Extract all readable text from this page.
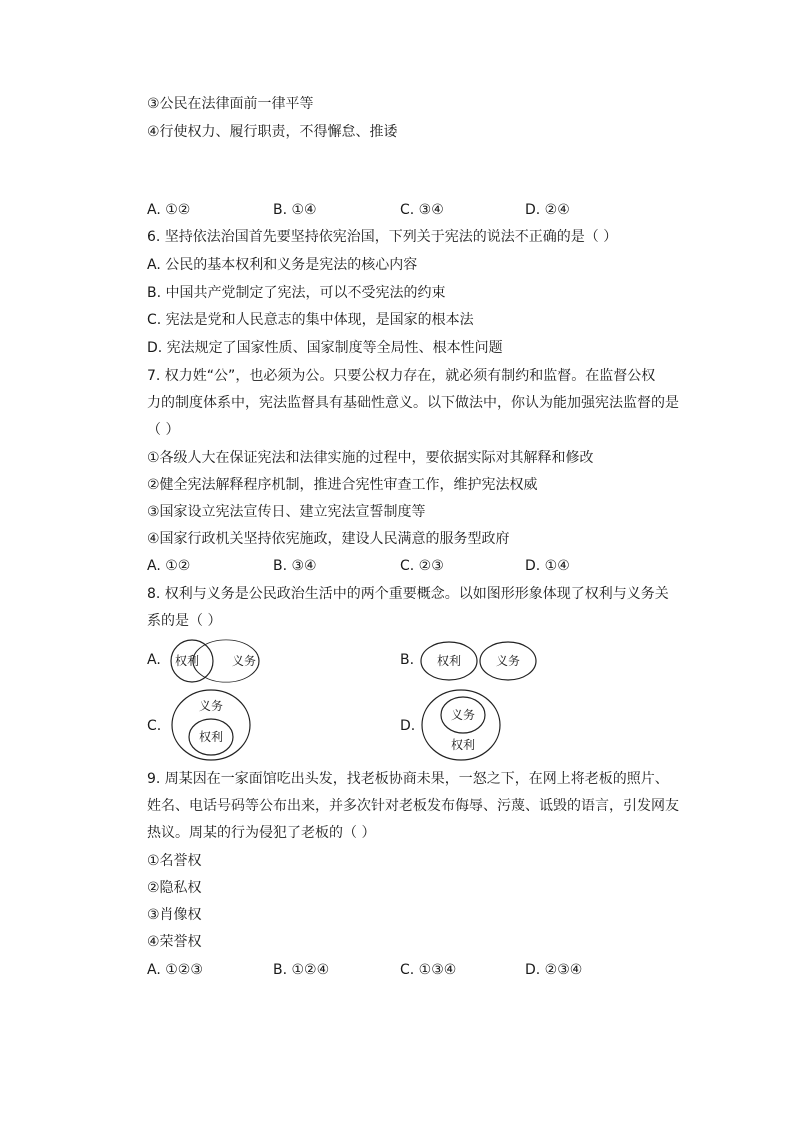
③公民在法律面前一律平等
④行使权力、履行职责，不得懈怠、推诿
A. ①②	B. ①④	C. ③④	D. ②④
6. 坚持依法治国首先要坚持依宪治国，下列关于宪法的说法不正确的是（ ）
A. 公民的基本权利和义务是宪法的核心内容
B. 中国共产党制定了宪法，可以不受宪法的约束
C. 宪法是党和人民意志的集中体现，是国家的根本法
D. 宪法规定了国家性质、国家制度等全局性、根本性问题
7. 权力姓“公”，也必须为公。只要公权力存在，就必须有制约和监督。在监督公权
力的制度体系中，宪法监督具有基础性意义。以下做法中，你认为能加强宪法监督的是
（ ）
①各级人大在保证宪法和法律实施的过程中，要依据实际对其解释和修改
②健全宪法解释程序机制，推进合宪性审查工作，维护宪法权威
③国家设立宪法宣传日、建立宪法宣誓制度等
④国家行政机关坚持依宪施政，建设人民满意的服务型政府
A. ①②	B. ③④	C. ②③	D. ①④
8. 权利与义务是公民政治生活中的两个重要概念。以如图形形象体现了权利与义务关
系的是（ ）
A. 权利	义务	B. 权利	义务
C.
义务
权利
D.
义务
权利
9. 周某因在一家面馆吃出头发，找老板协商未果，一怒之下，在网上将老板的照片、
姓名、电话号码等公布出来，并多次针对老板发布侮辱、污蔑、诋毁的语言，引发网友
热议。周某的行为侵犯了老板的（ ）
①名誉权
②隐私权
③肖像权
④荣誉权
A. ①②③	B. ①②④	C. ①③④	D. ②③④
